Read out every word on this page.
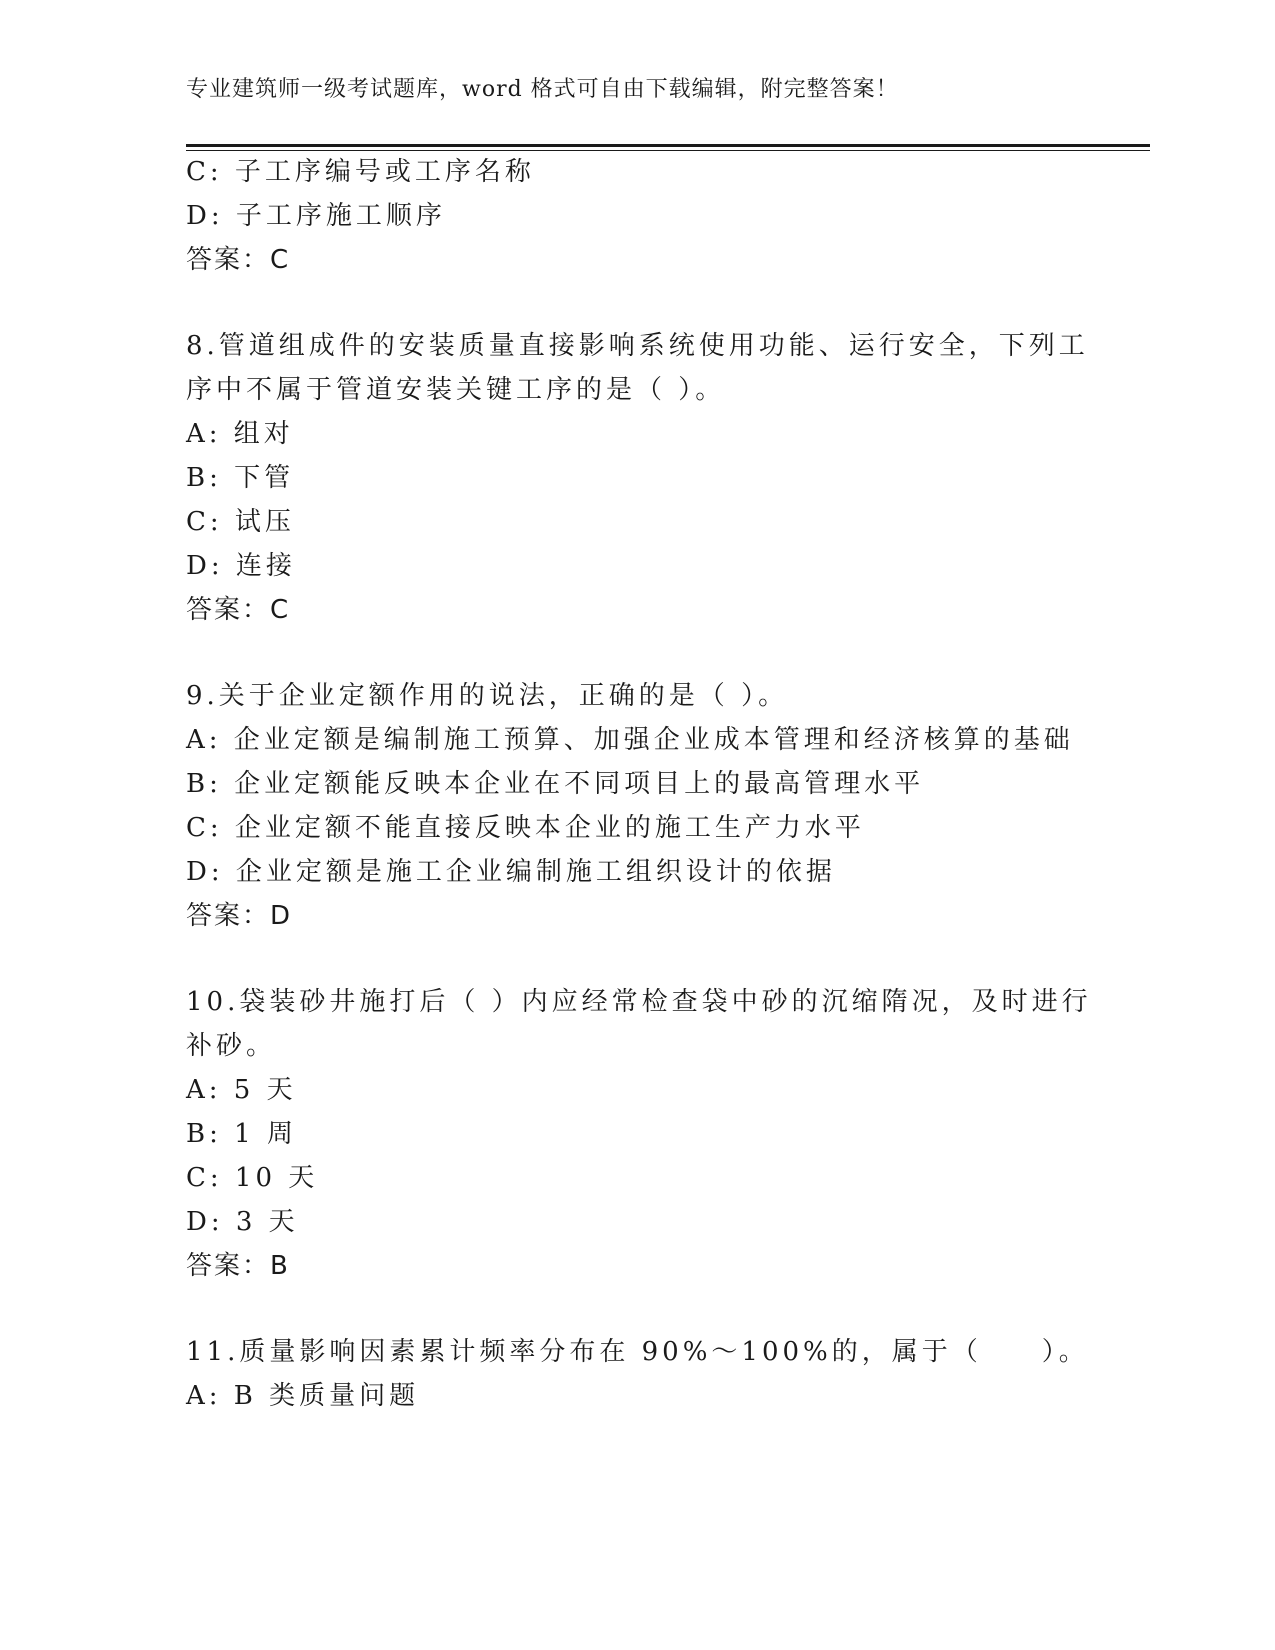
专业建筑师一级考试题库，word 格式可自由下载编辑，附完整答案！
C: 子工序编号或工序名称
D: 子工序施工顺序
答案：C
8.管道组成件的安装质量直接影响系统使用功能、运行安全，下列工
序中不属于管道安装关键工序的是（ ）。
A: 组对
B: 下管
C: 试压
D: 连接
答案：C
9.关于企业定额作用的说法，正确的是（ ）。
A: 企业定额是编制施工预算、加强企业成本管理和经济核算的基础
B: 企业定额能反映本企业在不同项目上的最高管理水平
C: 企业定额不能直接反映本企业的施工生产力水平
D: 企业定额是施工企业编制施工组织设计的依据
答案：D
10.袋装砂井施打后（ ）内应经常检查袋中砂的沉缩隋况，及时进行
补砂。
A: 5 天
B: 1 周
C: 10 天
D: 3 天
答案：B
11.质量影响因素累计频率分布在 90%～100%的，属于（　　）。
A: B 类质量问题
